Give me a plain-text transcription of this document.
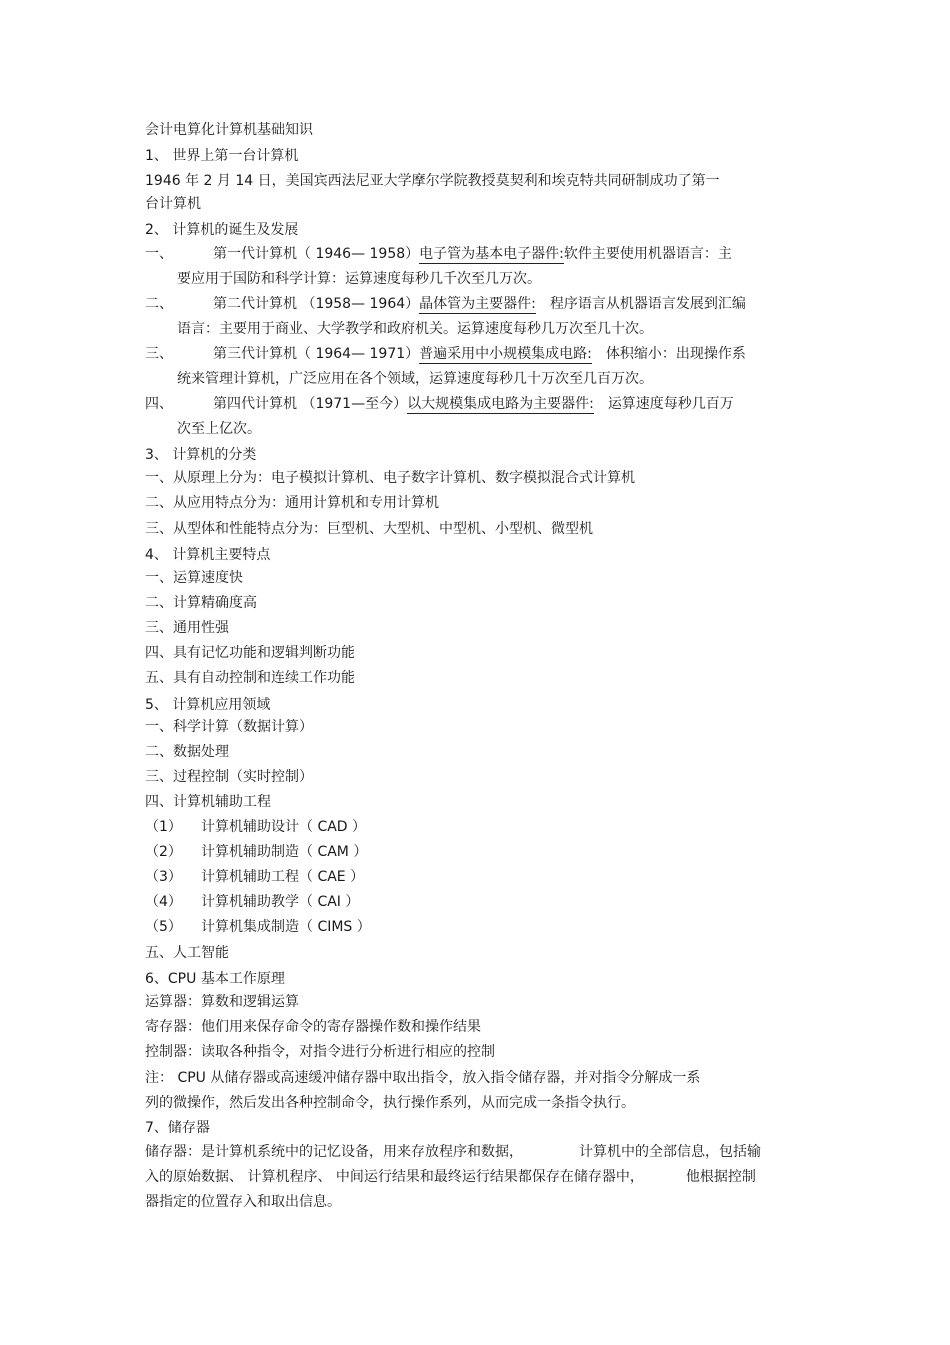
会计电算化计算机基础知识
1、 世界上第一台计算机
1946 年 2 月 14 日，美国宾西法尼亚大学摩尔学院教授莫契利和埃克特共同研制成功了第一
台计算机
2、 计算机的诞生及发展
一、	第一代计算机（ 1946— 1958）电子管为基本电子器件:软件主要使用机器语言：主
要应用于国防和科学计算：运算速度每秒几千次至几万次。
二、	第二代计算机 （1958— 1964）晶体管为主要器件: 程序语言从机器语言发展到汇编
语言：主要用于商业、大学教学和政府机关。运算速度每秒几万次至几十次。
三、	第三代计算机（ 1964— 1971）普遍采用中小规模集成电路: 体积缩小：出现操作系
统来管理计算机，广泛应用在各个领域，运算速度每秒几十万次至几百万次。
四、	第四代计算机 （1971—至今）以大规模集成电路为主要器件: 运算速度每秒几百万
次至上亿次。
3、 计算机的分类
一、从原理上分为：电子模拟计算机、电子数字计算机、数字模拟混合式计算机
二、从应用特点分为：通用计算机和专用计算机
三、从型体和性能特点分为：巨型机、大型机、中型机、小型机、微型机
4、 计算机主要特点
一、运算速度快
二、计算精确度高
三、通用性强
四、具有记忆功能和逻辑判断功能
五、具有自动控制和连续工作功能
5、 计算机应用领域
一、科学计算（数据计算）
二、数据处理
三、过程控制（实时控制）
四、计算机辅助工程
（1） 计算机辅助设计（ CAD ）
（2） 计算机辅助制造（ CAM ）
（3） 计算机辅助工程（ CAE ）
（4） 计算机辅助教学（ CAI ）
（5） 计算机集成制造（ CIMS ）
五、人工智能
6、CPU 基本工作原理
运算器：算数和逻辑运算
寄存器：他们用来保存命令的寄存器操作数和操作结果
控制器：读取各种指令，对指令进行分析进行相应的控制
注： CPU 从储存器或高速缓冲储存器中取出指令，放入指令储存器，并对指令分解成一系
列的微操作，然后发出各种控制命令，执行操作系列，从而完成一条指令执行。
7、储存器
储存器：是计算机系统中的记忆设备，用来存放程序和数据，	计算机中的全部信息，包括输
入的原始数据、 计算机程序、 中间运行结果和最终运行结果都保存在储存器中，	他根据控制
器指定的位置存入和取出信息。
